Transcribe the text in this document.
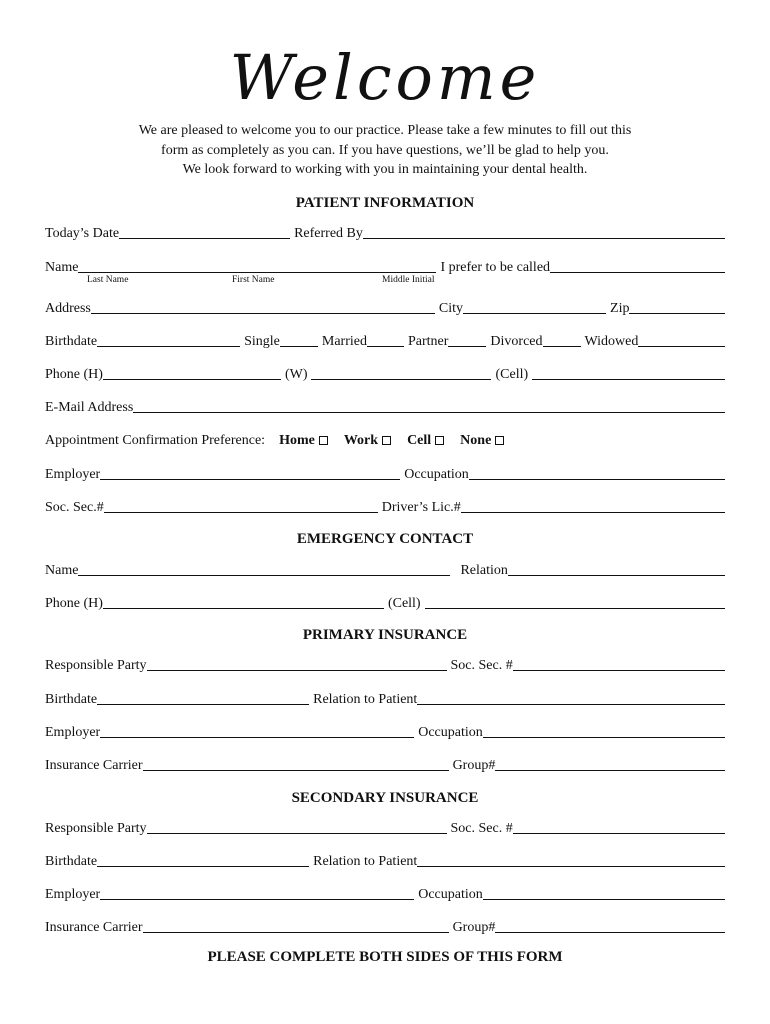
Welcome
We are pleased to welcome you to our practice. Please take a few minutes to fill out this
form as completely as you can. If you have questions, we’ll be glad to help you.
We look forward to working with you in maintaining your dental health.
PATIENT INFORMATION
Today’s Date	Referred By
Name	I prefer to be called
Last Name	First Name	Middle Initial
Address	City	Zip
Birthdate	Single	Married	Partner	Divorced	Widowed
Phone (H)	(W)	(Cell)
E-Mail Address
Appointment Confirmation Preference: Home Work Cell None
Employer	Occupation
Soc. Sec.#	Driver’s Lic.#
EMERGENCY CONTACT
Name	Relation
Phone (H)	(Cell)
PRIMARY INSURANCE
Responsible Party	Soc. Sec. #
Birthdate	Relation to Patient
Employer	Occupation
Insurance Carrier	Group#
SECONDARY INSURANCE
Responsible Party	Soc. Sec. #
Birthdate	Relation to Patient
Employer	Occupation
Insurance Carrier	Group#
PLEASE COMPLETE BOTH SIDES OF THIS FORM
